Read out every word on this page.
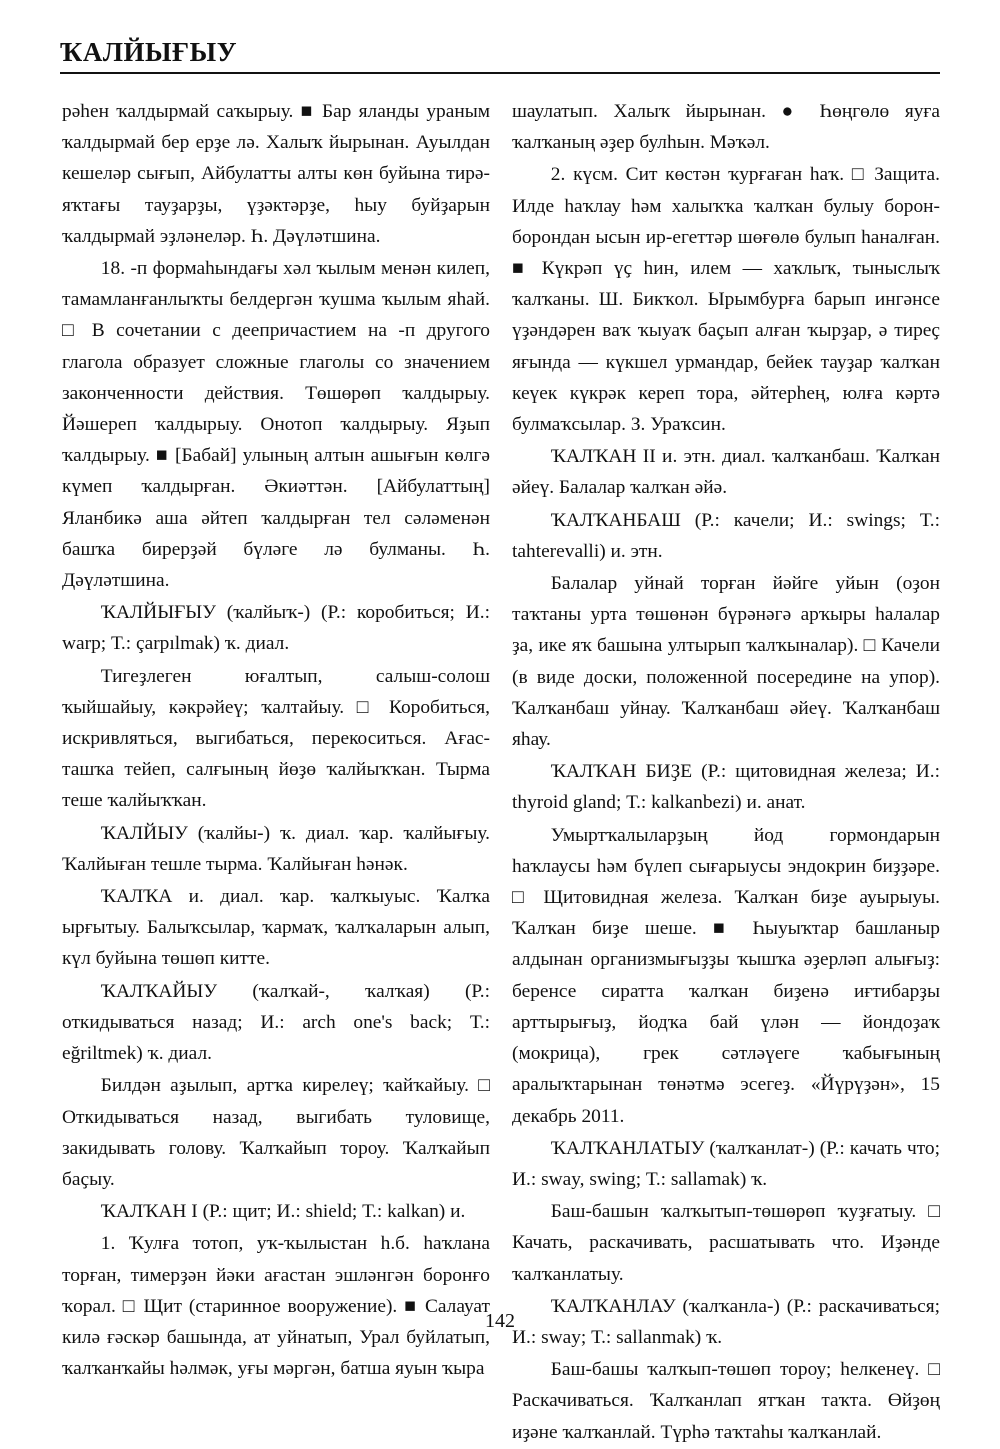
ҠАЛЙЫҒЫУ

рәһен ҡалдырмай саҡырыу. ■ Бар яланды ураным ҡалдырмай бер ерҙе лә. Халыҡ йырынан. Ауылдан кешеләр сығып, Айбулатты алты көн буйына тирә-яҡтағы тауҙарҙы, үҙәктәрҙе, һыу буйҙарын ҡалдырмай эҙләнеләр. Һ. Дәүләтшина.

18. -п формаһындағы хәл ҡылым менән килеп, тамамланғанлыҡты белдергән ҡушма ҡылым яһай. □ В сочетании с деепричастием на -п другого глагола образует сложные глаголы со значением законченности действия. Төшөрөп ҡалдырыу. Йәшереп ҡалдырыу. Онотоп ҡалдырыу. Яҙып ҡалдырыу. ■ [Бабай] улының алтын ашығын көлгә күмеп ҡалдырған. Әкиәттән. [Айбулаттың] Яланбикә аша әйтеп ҡалдырған тел сәләменән башҡа бирерҙәй бүләге лә булманы. Һ. Дәүләтшина.

ҠАЛЙЫҒЫУ (ҡалйыҡ-) (Р.: коробиться; И.: warp; Т.: çarpılmak) ҡ. диал.

Тигеҙлеген юғалтып, салыш-солош ҡыйшайыу, кәкрәйеү; ҡалтайыу. □ Коробиться, искривляться, выгибаться, перекоситься. Ағас-ташҡа тейеп, салғының йөҙө ҡалйыҡҡан. Тырма теше ҡалйыҡҡан.

ҠАЛЙЫУ (ҡалйы-) ҡ. диал. ҡар. ҡалйығыу. Ҡалйыған тешле тырма. Ҡалйыған һәнәк.

ҠАЛҠА и. диал. ҡар. ҡалҡыуыс. Ҡалҡа ырғытыу. Балыҡсылар, ҡармаҡ, ҡалҡаларын алып, күл буйына төшөп китте.

ҠАЛҠАЙЫУ (ҡалҡай-, ҡалҡая) (Р.: откидываться назад; И.: arch one's back; Т.: eğriltmek) ҡ. диал.

Билдән аҙылып, артҡа кирелеү; ҡайҡайыу. □ Откидываться назад, выгибать туловище, закидывать голову. Ҡалҡайып тороу. Ҡалҡайып баҫыу.

ҠАЛҠАН I (Р.: щит; И.: shield; Т.: kalkan) и.

1. Ҡулға тотоп, уҡ-ҡылыстан һ.б. һаҡлана торған, тимерҙән йәки ағастан эшләнгән боронғо ҡорал. □ Щит (старинное вооружение). ■ Салауат килә ғәскәр башында, ат уйнатып, Урал буйлатып, ҡалҡанҡайы һәлмәк, уғы мәргән, батша яуын ҡыра

шаулатып. Халыҡ йырынан. ● Һөңгөлө яуға ҡалҡаның әҙер булһын. Мәҡәл.

2. күсм. Сит көстән ҡурғаған һаҡ. □ Защита. Илде һаҡлау һәм халыҡҡа ҡалҡан булыу борон-борондан ысын ир-егеттәр шөғөлө булып һаналған. ■ Күкрәп үҫ һин, илем — хаҡлыҡ, тыныслыҡ ҡалҡаны. Ш. Бикҡол. Ырымбурға барып ингәнсе үҙәндәрен ваҡ ҡыуаҡ баҫып алған ҡырҙар, ә тиреҫ яғында — күкшел урмандар, бейек тауҙар ҡалҡан кеүек күкрәк кереп тора, әйтерһең, юлға кәртә булмаҡсылар. З. Ураҡсин.

ҠАЛҠАН II и. этн. диал. ҡалҡанбаш. Ҡалҡан әйеү. Балалар ҡалҡан әйә.

ҠАЛҠАНБАШ (Р.: качели; И.: swings; Т.: tahterevalli) и. этн.

Балалар уйнай торған йәйге уйын (оҙон таҡтаны урта төшөнән бүрәнәгә арҡыры һалалар ҙа, ике яҡ башына ултырып ҡалҡыналар). □ Качели (в виде доски, положенной посередине на упор). Ҡалҡанбаш уйнау. Ҡалҡанбаш әйеү. Ҡалҡанбаш яһау.

ҠАЛҠАН БИҘЕ (Р.: щитовидная железа; И.: thyroid gland; Т.: kalkanbezi) и. анат.

Умыртҡалыларҙың йод гормондарын һаҡлаусы һәм бүлеп сығарыусы эндокрин биҙҙәре. □ Щитовидная железа. Ҡалҡан биҙе ауырыуы. Ҡалҡан биҙе шеше. ■ Һыуыҡтар башланыр алдынан организмығыҙҙы ҡышҡа әҙерләп алығыҙ: беренсе сиратта ҡалҡан биҙенә иғтибарҙы арттырығыҙ, йодҡа бай үлән — йондоҙаҡ (мокрица), грек сәтләүеге ҡабығының аралыҡтарынан төнәтмә эсегеҙ. «Йүрүҙән», 15 декабрь 2011.

ҠАЛҠАНЛАТЫУ (ҡалҡанлат-) (Р.: качать что; И.: sway, swing; Т.: sallamak) ҡ.

Баш-башын ҡалҡытып-төшөрөп ҡуҙғатыу. □ Качать, раскачивать, расшатывать что. Иҙәнде ҡалҡанлатыу.

ҠАЛҠАНЛАУ (ҡалҡанла-) (Р.: раскачиваться; И.: sway; Т.: sallanmak) ҡ.

Баш-башы ҡалҡып-төшөп тороу; һелкенеү. □ Раскачиваться. Ҡалҡанлап ятҡан таҡта. Өйҙөң иҙәне ҡалҡанлай. Түрһә таҡтаһы ҡалҡанлай.

142
